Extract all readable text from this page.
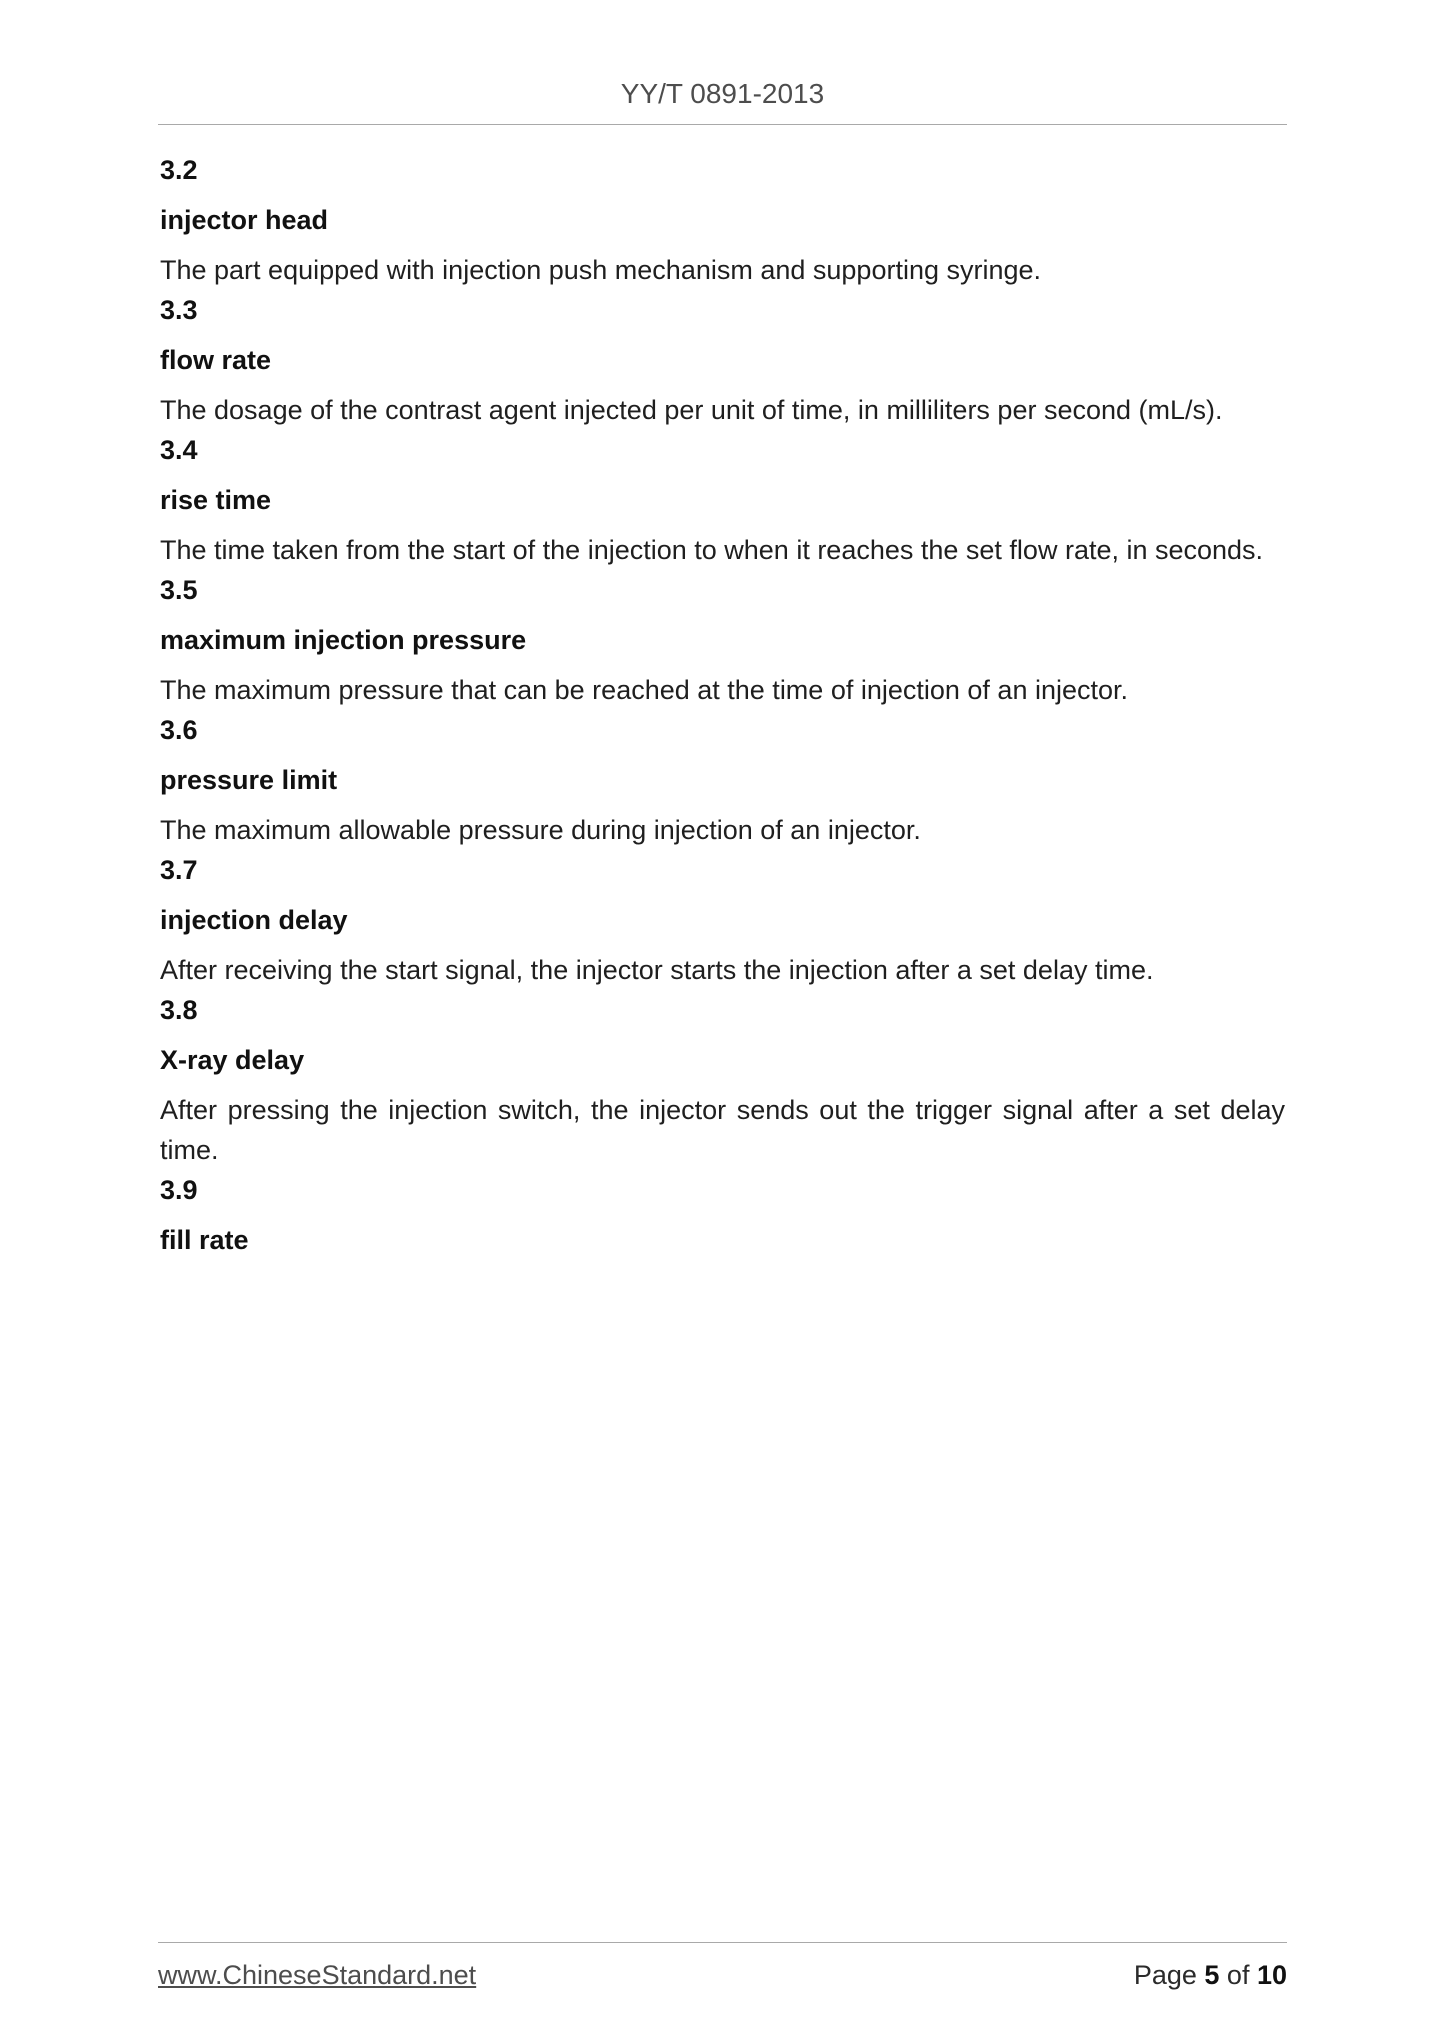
YY/T 0891-2013
3.2
injector head
The part equipped with injection push mechanism and supporting syringe.
3.3
flow rate
The dosage of the contrast agent injected per unit of time, in milliliters per second (mL/s).
3.4
rise time
The time taken from the start of the injection to when it reaches the set flow rate, in seconds.
3.5
maximum injection pressure
The maximum pressure that can be reached at the time of injection of an injector.
3.6
pressure limit
The maximum allowable pressure during injection of an injector.
3.7
injection delay
After receiving the start signal, the injector starts the injection after a set delay time.
3.8
X-ray delay
After pressing the injection switch, the injector sends out the trigger signal after a set delay time.
3.9
fill rate
www.ChineseStandard.net	Page 5 of 10
